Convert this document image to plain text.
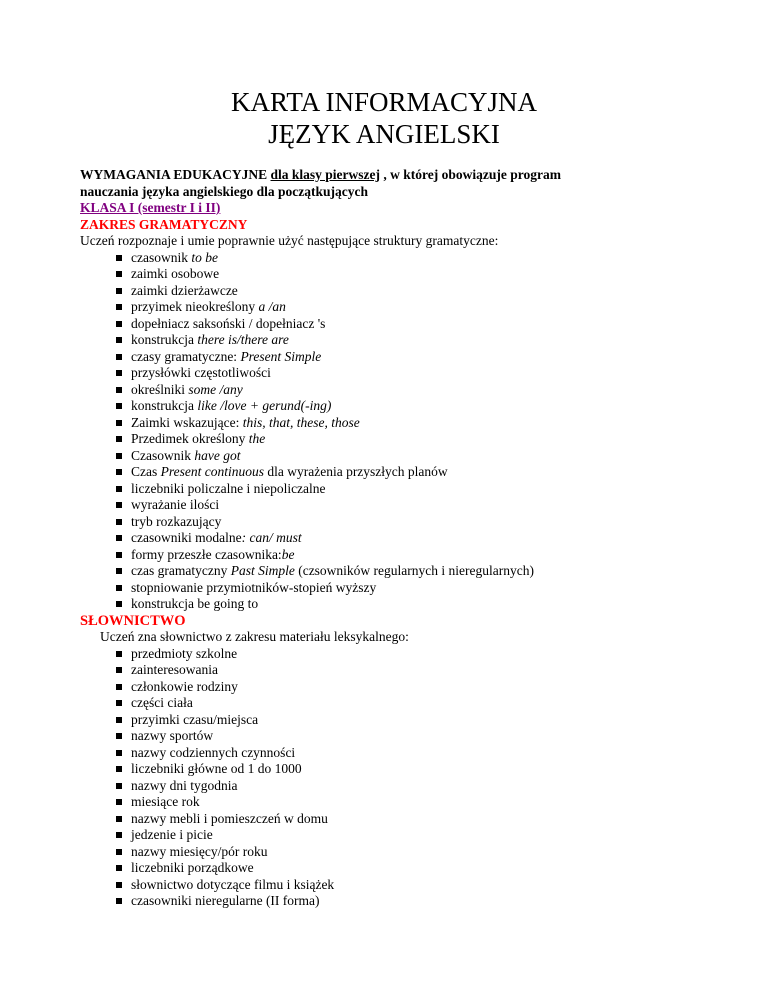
KARTA INFORMACYJNA
JĘZYK ANGIELSKI
WYMAGANIA EDUKACYJNE dla klasy pierwszej , w której obowiązuje program
nauczania języka angielskiego dla początkujących
KLASA I (semestr I i II)
ZAKRES GRAMATYCZNY
Uczeń rozpoznaje i umie poprawnie użyć następujące struktury gramatyczne:
czasownik to be
zaimki osobowe
zaimki dzierżawcze
przyimek nieokreślony a /an
dopełniacz saksoński / dopełniacz 's
konstrukcja there is/there are
czasy gramatyczne: Present Simple
przysłówki częstotliwości
określniki some /any
konstrukcja like /love + gerund(-ing)
Zaimki wskazujące: this, that, these, those
Przedimek określony the
Czasownik have got
Czas Present continuous dla wyrażenia przyszłych planów
liczebniki policzalne i niepoliczalne
wyrażanie ilości
tryb rozkazujący
czasowniki modalne: can/ must
formy przeszłe czasownika:be
czas gramatyczny Past Simple (czsowników regularnych i nieregularnych)
stopniowanie przymiotników-stopień wyższy
konstrukcja be going to
SŁOWNICTWO
Uczeń zna słownictwo z zakresu materiału leksykalnego:
przedmioty szkolne
zainteresowania
członkowie rodziny
części ciała
przyimki czasu/miejsca
nazwy sportów
nazwy codziennych czynności
liczebniki główne od 1 do 1000
nazwy dni tygodnia
miesiące rok
nazwy mebli i pomieszczeń w domu
jedzenie i picie
nazwy miesięcy/pór roku
liczebniki porządkowe
słownictwo dotyczące filmu i książek
czasowniki nieregularne (II forma)
